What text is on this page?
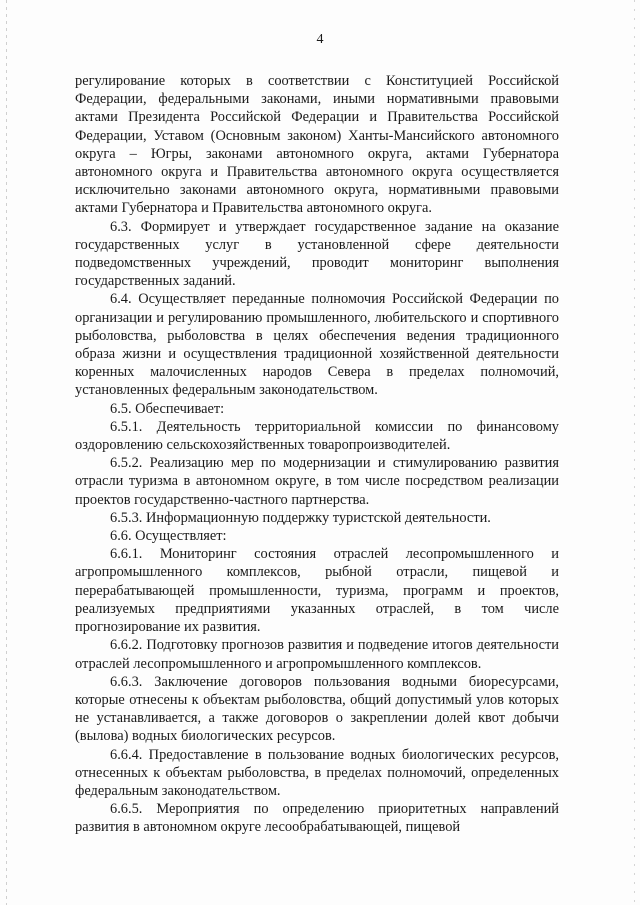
4

регулирование которых в соответствии с Конституцией Российской Федерации, федеральными законами, иными нормативными правовыми актами Президента Российской Федерации и Правительства Российской Федерации, Уставом (Основным законом) Ханты-Мансийского автономного округа – Югры, законами автономного округа, актами Губернатора автономного округа и Правительства автономного округа осуществляется исключительно законами автономного округа, нормативными правовыми актами Губернатора и Правительства автономного округа.

6.3. Формирует и утверждает государственное задание на оказание государственных услуг в установленной сфере деятельности подведомственных учреждений, проводит мониторинг выполнения государственных заданий.

6.4. Осуществляет переданные полномочия Российской Федерации по организации и регулированию промышленного, любительского и спортивного рыболовства, рыболовства в целях обеспечения ведения традиционного образа жизни и осуществления традиционной хозяйственной деятельности коренных малочисленных народов Севера в пределах полномочий, установленных федеральным законодательством.

6.5. Обеспечивает:

6.5.1. Деятельность территориальной комиссии по финансовому оздоровлению сельскохозяйственных товаропроизводителей.

6.5.2. Реализацию мер по модернизации и стимулированию развития отрасли туризма в автономном округе, в том числе посредством реализации проектов государственно-частного партнерства.

6.5.3. Информационную поддержку туристской деятельности.

6.6. Осуществляет:

6.6.1. Мониторинг состояния отраслей лесопромышленного и агропромышленного комплексов, рыбной отрасли, пищевой и перерабатывающей промышленности, туризма, программ и проектов, реализуемых предприятиями указанных отраслей, в том числе прогнозирование их развития.

6.6.2. Подготовку прогнозов развития и подведение итогов деятельности отраслей лесопромышленного и агропромышленного комплексов.

6.6.3. Заключение договоров пользования водными биоресурсами, которые отнесены к объектам рыболовства, общий допустимый улов которых не устанавливается, а также договоров о закреплении долей квот добычи (вылова) водных биологических ресурсов.

6.6.4. Предоставление в пользование водных биологических ресурсов, отнесенных к объектам рыболовства, в пределах полномочий, определенных федеральным законодательством.

6.6.5. Мероприятия по определению приоритетных направлений развития в автономном округе лесообрабатывающей, пищевой
